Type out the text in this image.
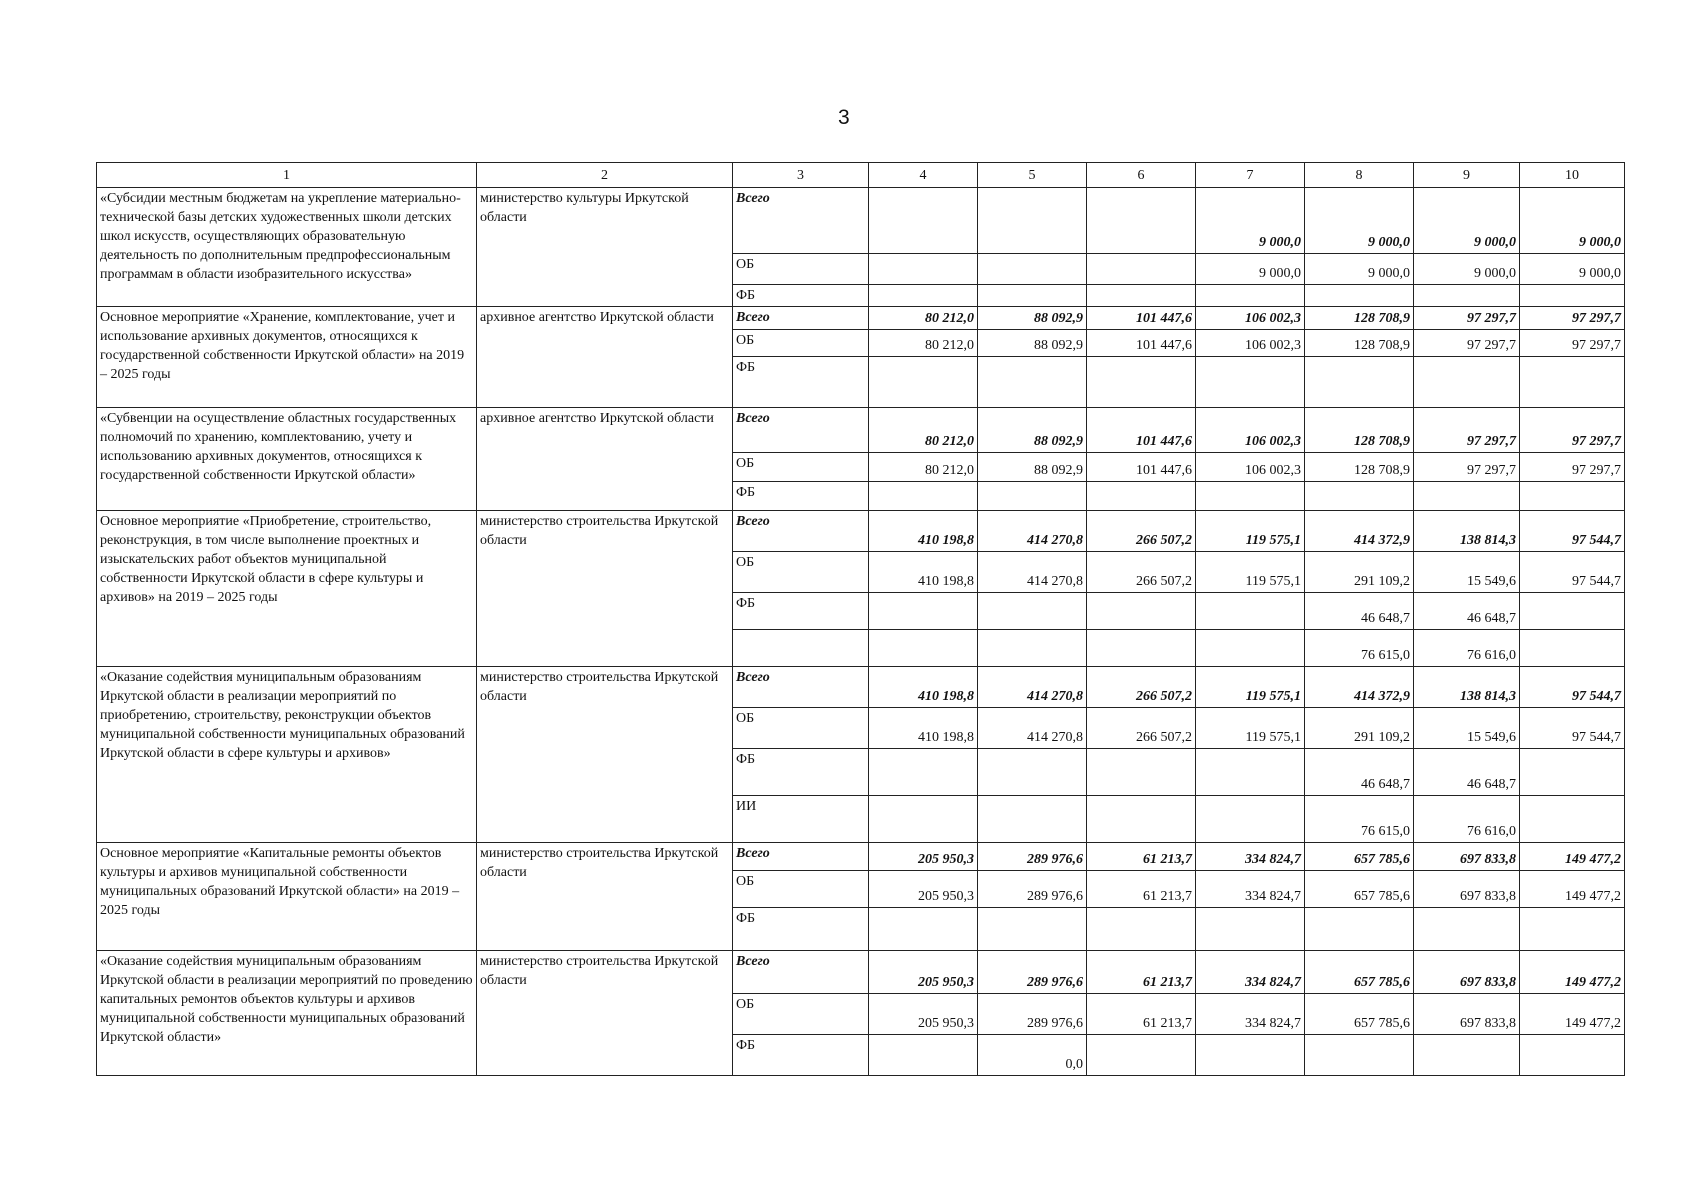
3
1	2	3	4	5	6	7	8	9	10
«Субсидии местным бюджетам на укрепление материально-технической базы детских художественных школи детских школ искусств, осуществляющих образовательную деятельность по дополнительным предпрофессиональным программам в области изобразительного искусства»	министерство культуры Иркутской области	Всего				9 000,0	9 000,0	9 000,0	9 000,0
		ОБ				9 000,0	9 000,0	9 000,0	9 000,0
		ФБ							
Основное мероприятие «Хранение, комплектование, учет и использование архивных документов, относящихся к государственной собственности Иркутской области» на 2019 – 2025 годы	архивное агентство Иркутской области	Всего	80 212,0	88 092,9	101 447,6	106 002,3	128 708,9	97 297,7	97 297,7
		ОБ	80 212,0	88 092,9	101 447,6	106 002,3	128 708,9	97 297,7	97 297,7
		ФБ							
«Субвенции на осуществление областных государственных полномочий по хранению, комплектованию, учету и использованию архивных документов, относящихся к государственной собственности Иркутской области»	архивное агентство Иркутской области	Всего	80 212,0	88 092,9	101 447,6	106 002,3	128 708,9	97 297,7	97 297,7
		ОБ	80 212,0	88 092,9	101 447,6	106 002,3	128 708,9	97 297,7	97 297,7
		ФБ							
Основное мероприятие «Приобретение, строительство, реконструкция, в том числе выполнение проектных и изыскательских работ объектов муниципальной собственности Иркутской области в сфере культуры и архивов» на 2019 – 2025 годы	министерство строительства Иркутской области	Всего	410 198,8	414 270,8	266 507,2	119 575,1	414 372,9	138 814,3	97 544,7
		ОБ	410 198,8	414 270,8	266 507,2	119 575,1	291 109,2	15 549,6	97 544,7
		ФБ					46 648,7	46 648,7	
							76 615,0	76 616,0	
«Оказание содействия муниципальным образованиям Иркутской области в реализации мероприятий по приобретению, строительству, реконструкции объектов муниципальной собственности муниципальных образований Иркутской области в сфере культуры и архивов»	министерство строительства Иркутской области	Всего	410 198,8	414 270,8	266 507,2	119 575,1	414 372,9	138 814,3	97 544,7
		ОБ	410 198,8	414 270,8	266 507,2	119 575,1	291 109,2	15 549,6	97 544,7
		ФБ					46 648,7	46 648,7	
		ИИ					76 615,0	76 616,0	
Основное мероприятие «Капитальные ремонты объектов культуры и архивов муниципальной собственности муниципальных образований Иркутской области» на 2019 – 2025 годы	министерство строительства Иркутской области	Всего	205 950,3	289 976,6	61 213,7	334 824,7	657 785,6	697 833,8	149 477,2
		ОБ	205 950,3	289 976,6	61 213,7	334 824,7	657 785,6	697 833,8	149 477,2
		ФБ							
«Оказание содействия муниципальным образованиям Иркутской области в реализации мероприятий по проведению капитальных ремонтов объектов культуры и архивов муниципальной собственности муниципальных образований Иркутской области»	министерство строительства Иркутской области	Всего	205 950,3	289 976,6	61 213,7	334 824,7	657 785,6	697 833,8	149 477,2
		ОБ	205 950,3	289 976,6	61 213,7	334 824,7	657 785,6	697 833,8	149 477,2
		ФБ		0,0					
